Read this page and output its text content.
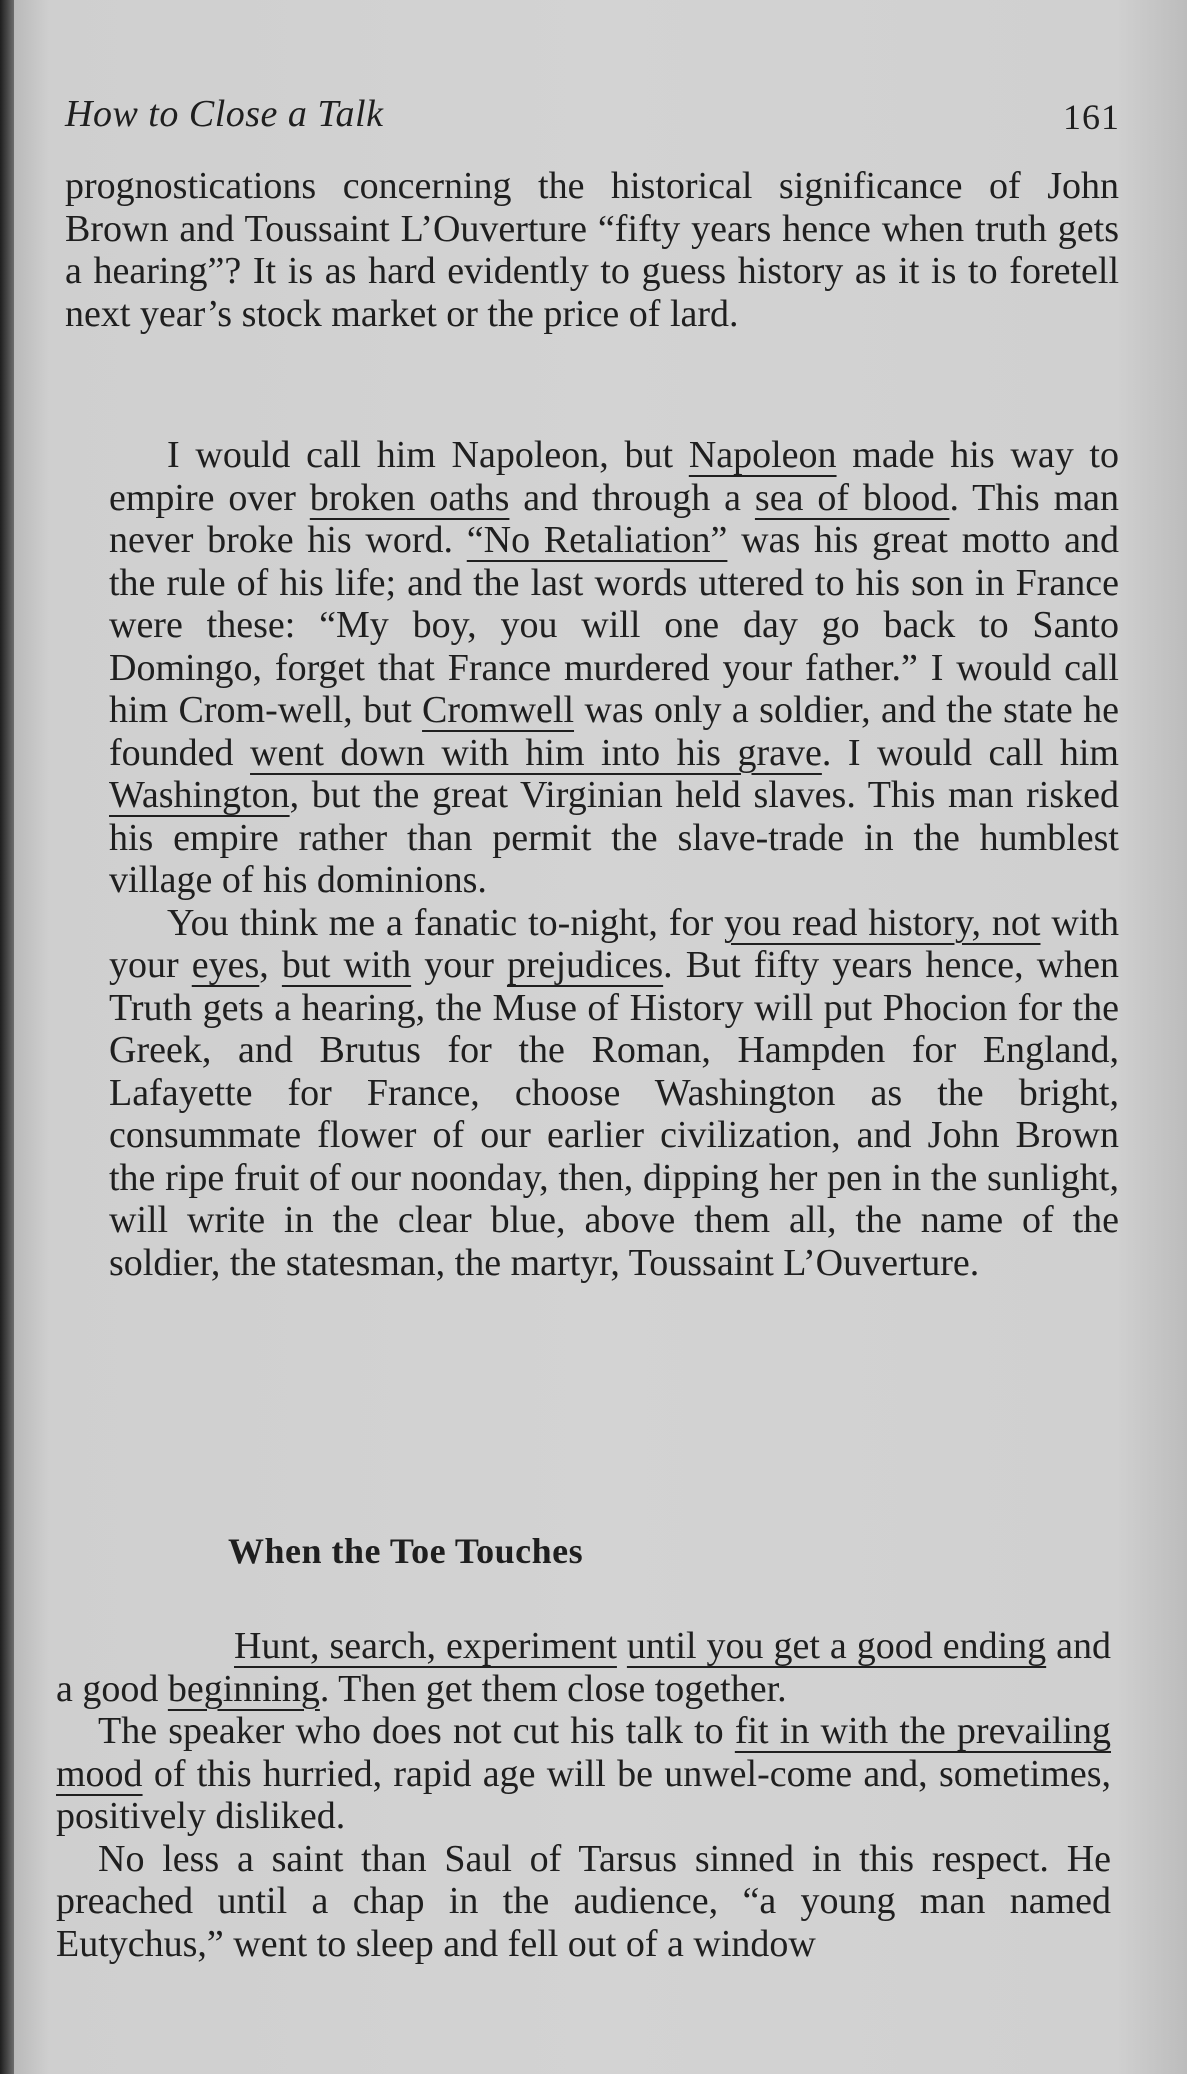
How to Close a Talk	161

prognostications concerning the historical significance of John Brown and Toussaint L’Ouverture “fifty years hence when truth gets a hearing”? It is as hard evidently to guess history as it is to foretell next year’s stock market or the price of lard.

I would call him Napoleon, but Napoleon made his way to empire over broken oaths and through a sea of blood. This man never broke his word. “No Retaliation” was his great motto and the rule of his life; and the last words uttered to his son in France were these: “My boy, you will one day go back to Santo Domingo, forget that France murdered your father.” I would call him Crom-well, but Cromwell was only a soldier, and the state he founded went down with him into his grave. I would call him Washington, but the great Virginian held slaves. This man risked his empire rather than permit the slave-trade in the humblest village of his dominions.

You think me a fanatic to-night, for you read history, not with your eyes, but with your prejudices. But fifty years hence, when Truth gets a hearing, the Muse of History will put Phocion for the Greek, and Brutus for the Roman, Hampden for England, Lafayette for France, choose Washington as the bright, consummate flower of our earlier civilization, and John Brown the ripe fruit of our noonday, then, dipping her pen in the sunlight, will write in the clear blue, above them all, the name of the soldier, the statesman, the martyr, Toussaint L’Ouverture.

When the Toe Touches

Hunt, search, experiment until you get a good ending and a good beginning. Then get them close together.

The speaker who does not cut his talk to fit in with the prevailing mood of this hurried, rapid age will be unwel-come and, sometimes, positively disliked.

No less a saint than Saul of Tarsus sinned in this respect. He preached until a chap in the audience, “a young man named Eutychus,” went to sleep and fell out of a window
